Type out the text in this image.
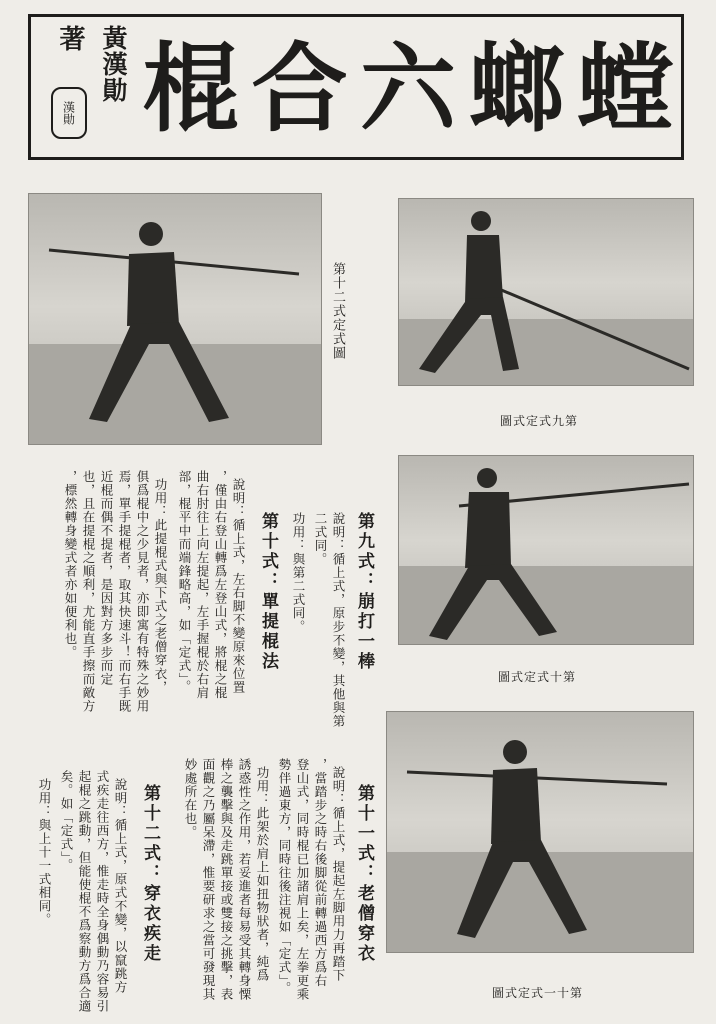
黃漢勛
著
漢勛	螳
螂
六
合
棍
第十二式定式圖
圖式定式九第
圖式定式十第
圖式定式一十第
第九式：崩打一棒
說明：循上式，原步不變，其他與第
二式同。
功用：與第二式同。
第十式：單提棍法
說明：循上式，左右脚不變原來位置
，僅由右登山轉爲左登山式，將棍之棍
曲右肘往上向左提起，左手握棍於右肩
部，棍平中而端鋒略高，如「定式」。
功用：此提棍式與下式之老僧穿衣，
俱爲棍中之少見者，亦即寓有特殊之妙用
焉，單手提棍者，取其快速斗！而右手既
近棍而偶不提者，是因對方多步而定
也，且在提棍之順利，尤能直手擦而敵方
，標然轉身變式者亦如便利也。
第十一式：老僧穿衣
說明：循上式，提起左脚用力再踏下
，當踏步之時右後脚從前轉過西方爲右
登山式，同時棍已加諸肩上矣，左拳更乘
勢伴過東方，同時往後注視如「定式」。
功用：此架於肩上如扭物狀者，純爲
誘惑性之作用，若妥進者每易受其轉身慄
棒之襲擊與及走跳單接或雙接之挑擊，表
面觀之乃屬呆滯，惟要研求之當可發現其
妙處所在也。
第十二式：穿衣疾走
說明：循上式，原式不變，以竄跳方
式疾走往西方，惟走時全身偶動乃容易引
起棍之跳動，但能使棍不爲察動方爲合適
矣。如「定式」。
功用：與上十一式相同。
